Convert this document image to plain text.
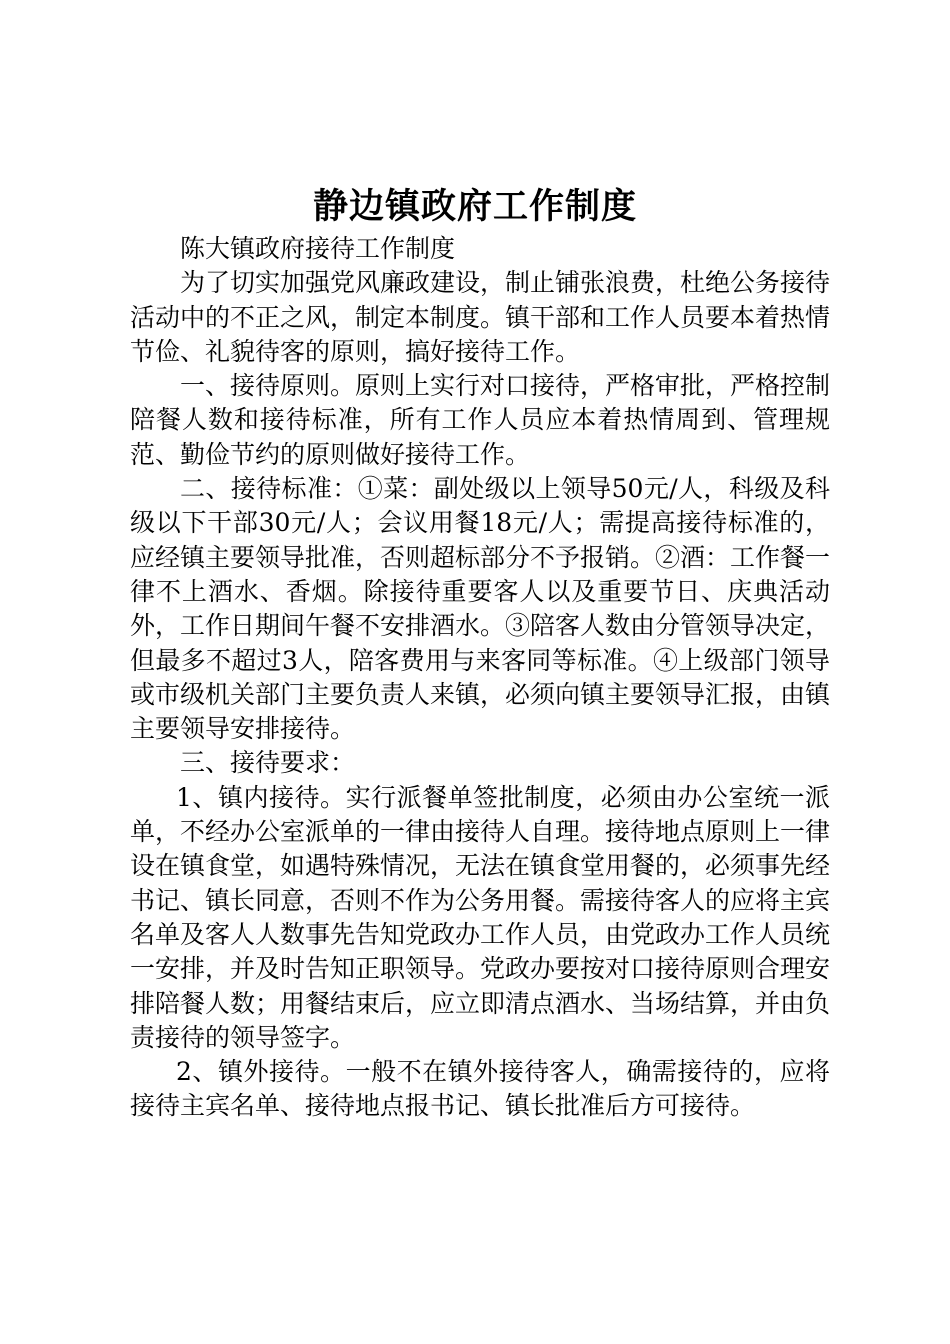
静边镇政府工作制度

陈大镇政府接待工作制度

为了切实加强党风廉政建设，制止铺张浪费，杜绝公务接待活动中的不正之风，制定本制度。镇干部和工作人员要本着热情节俭、礼貌待客的原则，搞好接待工作。

一、接待原则。原则上实行对口接待，严格审批，严格控制陪餐人数和接待标准，所有工作人员应本着热情周到、管理规范、勤俭节约的原则做好接待工作。

二、接待标准：①菜：副处级以上领导50元/人，科级及科级以下干部30元/人；会议用餐18元/人；需提高接待标准的，应经镇主要领导批准，否则超标部分不予报销。②酒：工作餐一律不上酒水、香烟。除接待重要客人以及重要节日、庆典活动外，工作日期间午餐不安排酒水。③陪客人数由分管领导决定，但最多不超过3人，陪客费用与来客同等标准。④上级部门领导或市级机关部门主要负责人来镇，必须向镇主要领导汇报，由镇主要领导安排接待。

三、接待要求：

1、镇内接待。实行派餐单签批制度，必须由办公室统一派单，不经办公室派单的一律由接待人自理。接待地点原则上一律设在镇食堂，如遇特殊情况，无法在镇食堂用餐的，必须事先经书记、镇长同意，否则不作为公务用餐。需接待客人的应将主宾名单及客人人数事先告知党政办工作人员，由党政办工作人员统一安排，并及时告知正职领导。党政办要按对口接待原则合理安排陪餐人数；用餐结束后，应立即清点酒水、当场结算，并由负责接待的领导签字。

2、镇外接待。一般不在镇外接待客人，确需接待的，应将接待主宾名单、接待地点报书记、镇长批准后方可接待。
